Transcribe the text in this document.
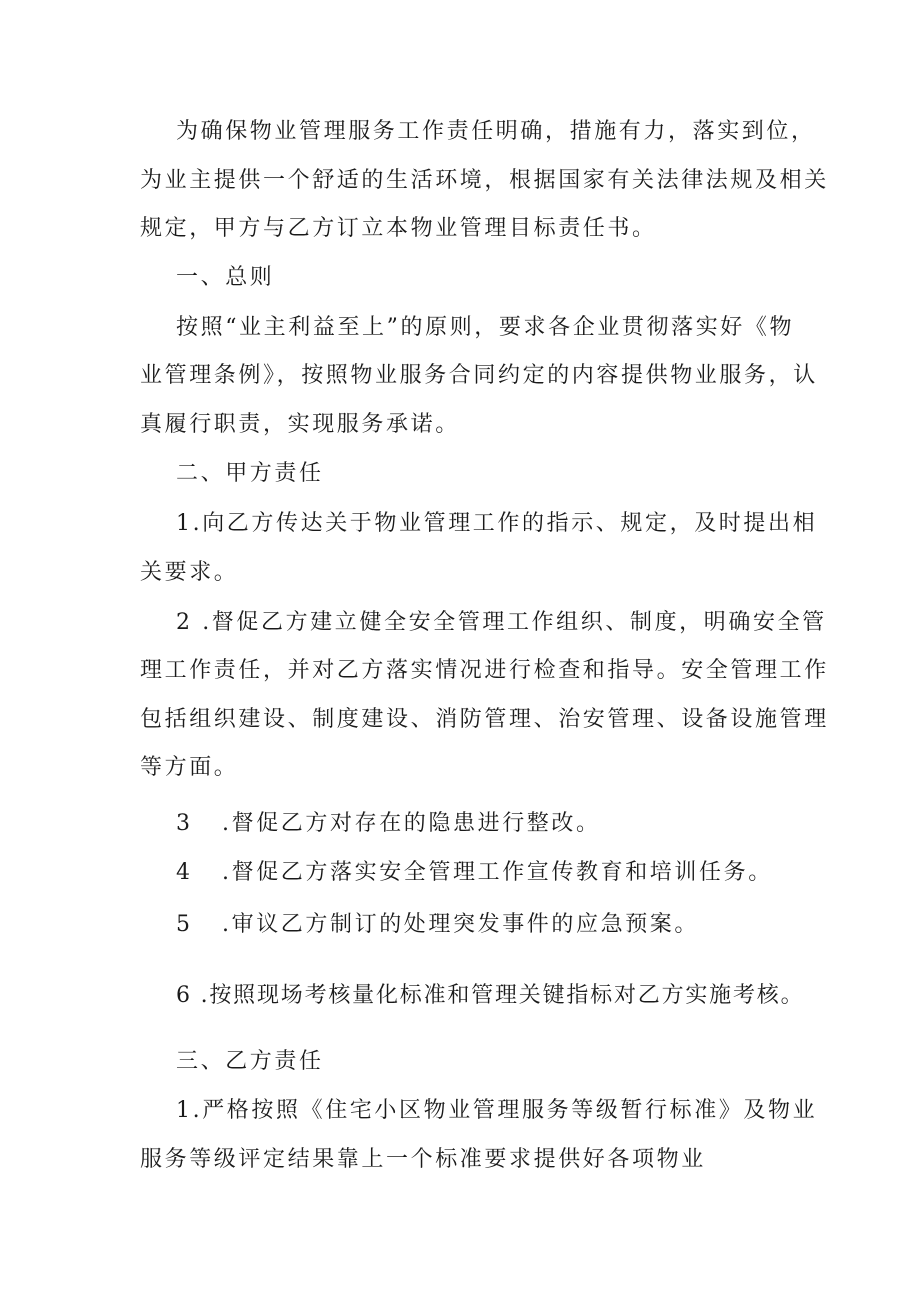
为确保物业管理服务工作责任明确，措施有力，落实到位，
为业主提供一个舒适的生活环境，根据国家有关法律法规及相关
规定，甲方与乙方订立本物业管理目标责任书。
一、总则
按照“业主利益至上”的原则，要求各企业贯彻落实好《物
业管理条例》，按照物业服务合同约定的内容提供物业服务，认
真履行职责，实现服务承诺。
二、甲方责任
1.向乙方传达关于物业管理工作的指示、规定，及时提出相
关要求。
2 .督促乙方建立健全安全管理工作组织、制度，明确安全管
理工作责任，并对乙方落实情况进行检查和指导。安全管理工作
包括组织建设、制度建设、消防管理、治安管理、设备设施管理
等方面。
3 .督促乙方对存在的隐患进行整改。
4 .督促乙方落实安全管理工作宣传教育和培训任务。
5 .审议乙方制订的处理突发事件的应急预案。
6 .按照现场考核量化标准和管理关键指标对乙方实施考核。
三、乙方责任
1.严格按照《住宅小区物业管理服务等级暂行标准》及物业
服务等级评定结果靠上一个标准要求提供好各项物业
